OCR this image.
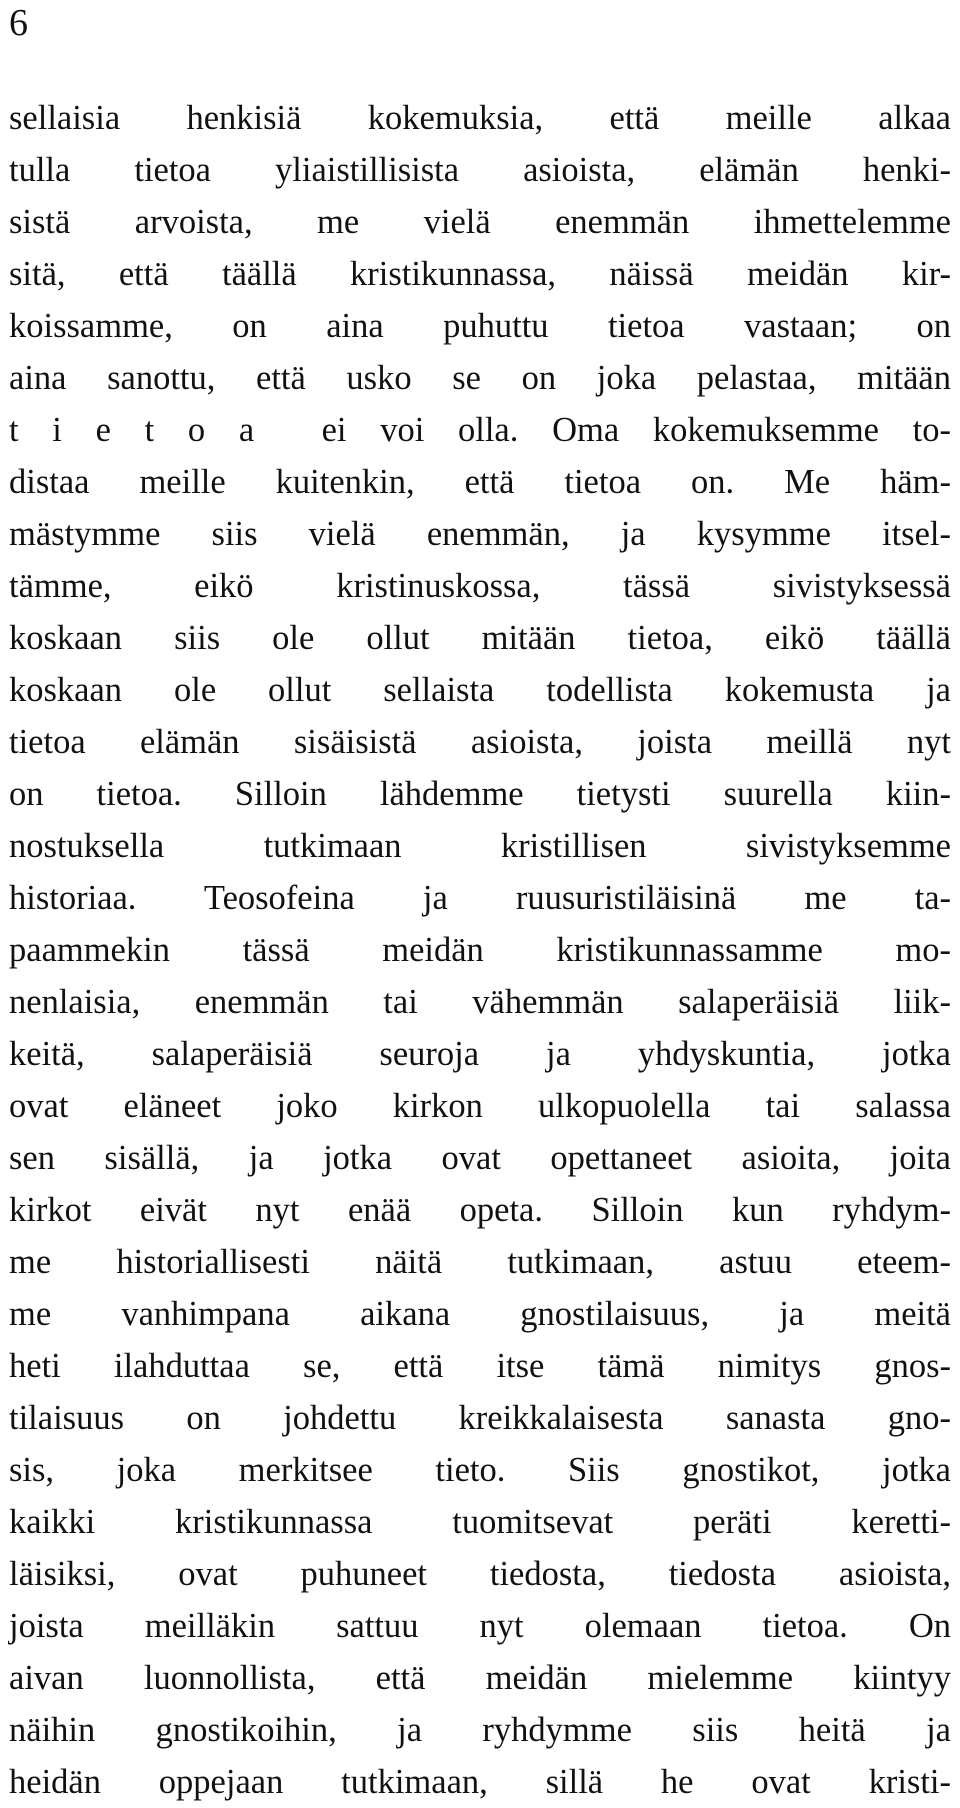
6
sellaisia henkisiä kokemuksia, että meille alkaa
tulla tietoa yliaistillisista asioista, elämän henki-
sistä arvoista, me vielä enemmän ihmettelemme
sitä, että täällä kristikunnassa, näissä meidän kir-
koissamme, on aina puhuttu tietoa vastaan; on
aina sanottu, että usko se on joka pelastaa, mitään
t i e t o a  ei voi olla. Oma kokemuksemme to-
distaa meille kuitenkin, että tietoa on. Me häm-
mästymme siis vielä enemmän, ja kysymme itsel-
tämme, eikö kristinuskossa, tässä sivistyksessä
koskaan siis ole ollut mitään tietoa, eikö täällä
koskaan ole ollut sellaista todellista kokemusta ja
tietoa elämän sisäisistä asioista, joista meillä nyt
on tietoa. Silloin lähdemme tietysti suurella kiin-
nostuksella tutkimaan kristillisen sivistyksemme
historiaa. Teosofeina ja ruusuristiläisinä me ta-
paammekin tässä meidän kristikunnassamme mo-
nenlaisia, enemmän tai vähemmän salaperäisiä liik-
keitä, salaperäisiä seuroja ja yhdyskuntia, jotka
ovat eläneet joko kirkon ulkopuolella tai salassa
sen sisällä, ja jotka ovat opettaneet asioita, joita
kirkot eivät nyt enää opeta. Silloin kun ryhdym-
me historiallisesti näitä tutkimaan, astuu eteem-
me vanhimpana aikana gnostilaisuus, ja meitä
heti ilahduttaa se, että itse tämä nimitys gnos-
tilaisuus on johdettu kreikkalaisesta sanasta gno-
sis, joka merkitsee tieto. Siis gnostikot, jotka
kaikki kristikunnassa tuomitsevat peräti keretti-
läisiksi, ovat puhuneet tiedosta, tiedosta asioista,
joista meilläkin sattuu nyt olemaan tietoa. On
aivan luonnollista, että meidän mielemme kiintyy
näihin gnostikoihin, ja ryhdymme siis heitä ja
heidän oppejaan tutkimaan, sillä he ovat kristi-
